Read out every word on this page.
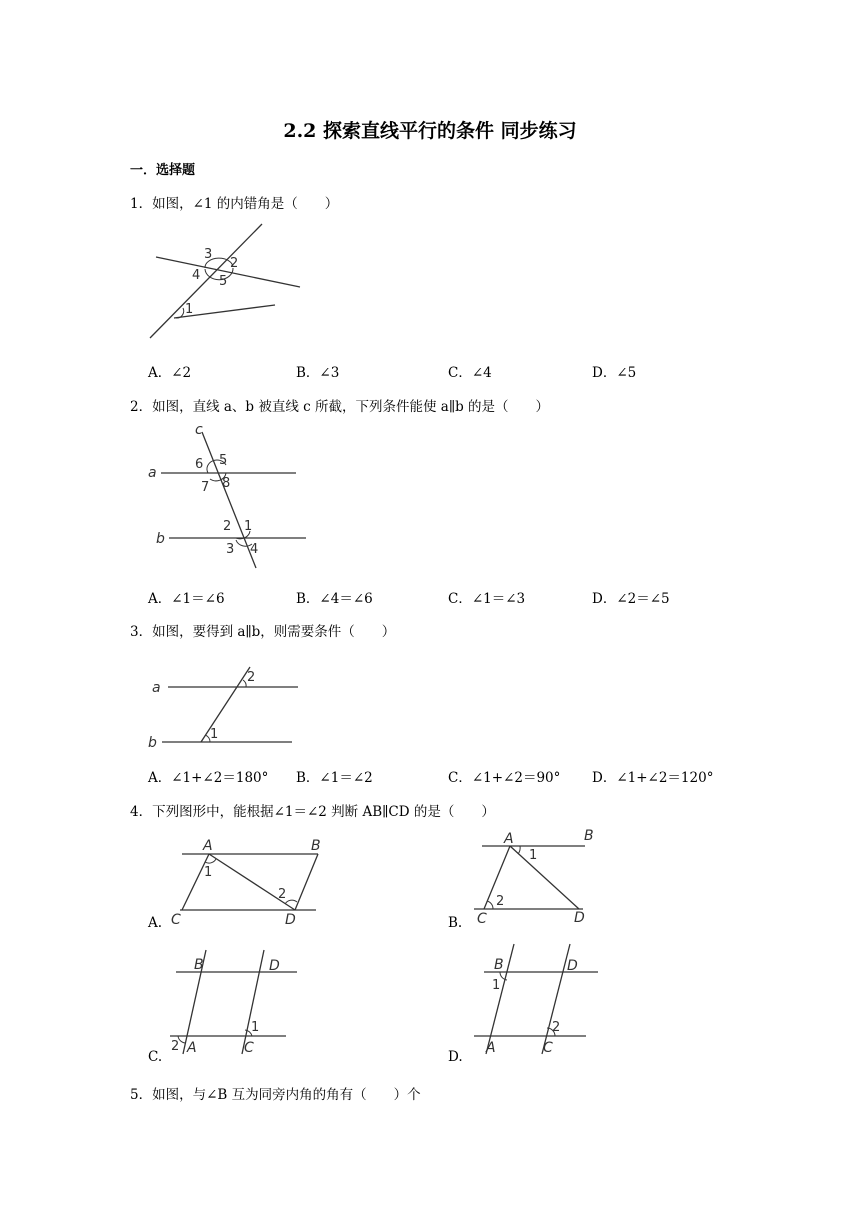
2.2 探索直线平行的条件 同步练习
一．选择题
1．如图，∠1 的内错角是（　　）
3
2
4 5
1
A．∠2	B．∠3	C．∠4	D．∠5
2．如图，直线 a、b 被直线 c 所截，下列条件能使 a∥b 的是（　　）
c
a
b
6 5
7 8
2 1
3 4
A．∠1＝∠6	B．∠4＝∠6	C．∠1＝∠3	D．∠2＝∠5
3．如图，要得到 a∥b，则需要条件（　　）
a
b
2
1
A．∠1+∠2＝180° B．∠1＝∠2	C．∠1+∠2＝90° D．∠1+∠2＝120°
4．下列图形中，能根据∠1＝∠2 判断 AB∥CD 的是（　　）
A	B
C	D
1
2
A.
A	B
C	D
1
2
B.
B	D
A	C
1
2
C.
B	D
A	C
1
2
D.
5．如图，与∠B 互为同旁内角的角有（　　）个
